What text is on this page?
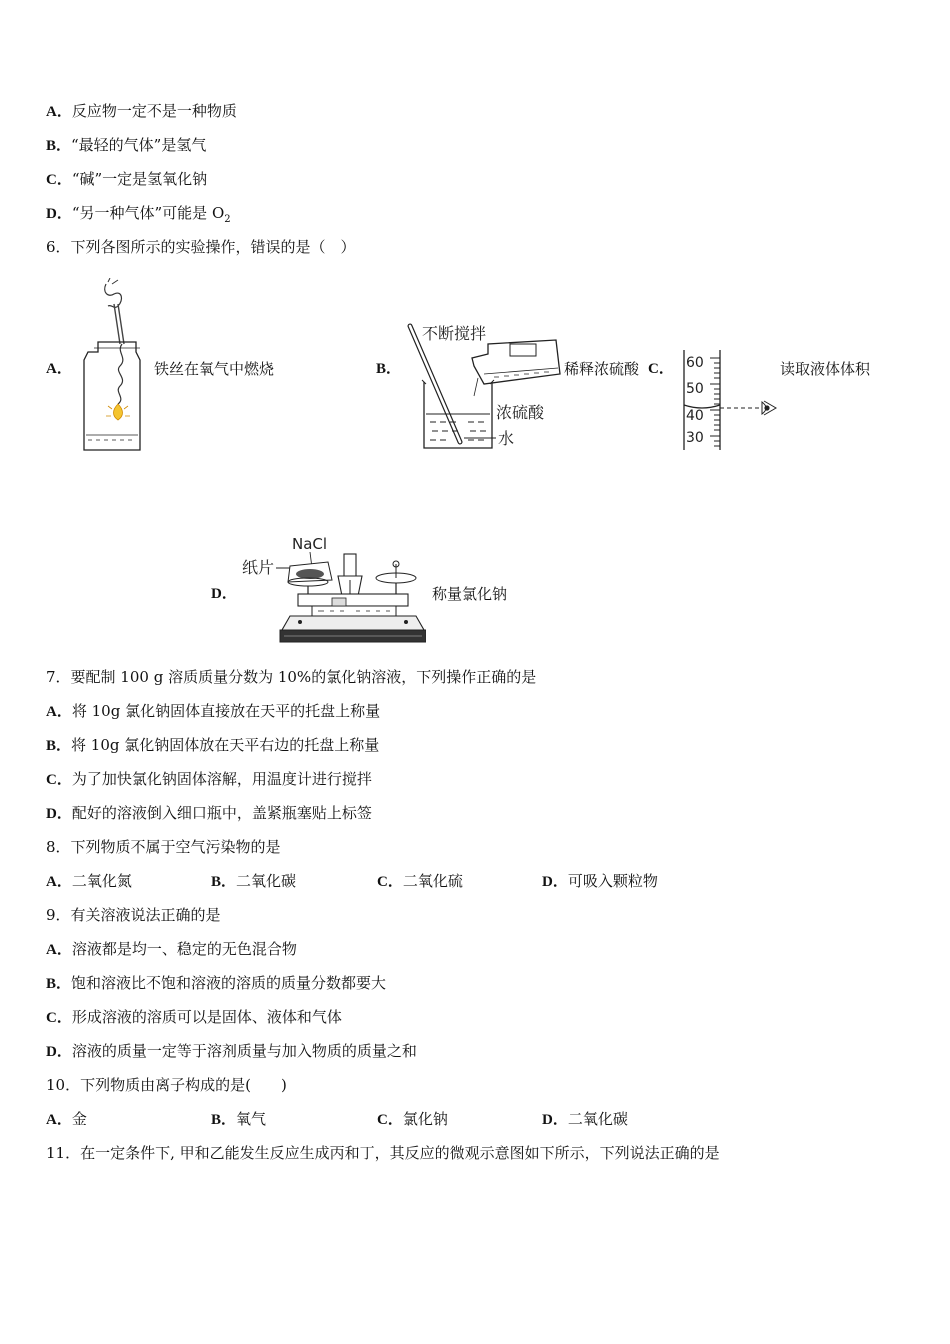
A．反应物一定不是一种物质
B．“最轻的气体”是氢气
C．“碱”一定是氢氧化钠
D．“另一种气体”可能是 $O_2$
6．下列各图所示的实验操作，错误的是（　）
A．	铁丝在氧气中燃烧	B．
不断搅拌
浓硫酸
水
稀释浓硫酸 C． 60
50
40
30
读取液体体积
D．
NaCl
纸片
称量氯化钠
7．要配制 100 g 溶质质量分数为 10%的氯化钠溶液，下列操作正确的是
A．将 10g 氯化钠固体直接放在天平的托盘上称量
B．将 10g 氯化钠固体放在天平右边的托盘上称量
C．为了加快氯化钠固体溶解，用温度计进行搅拌
D．配好的溶液倒入细口瓶中，盖紧瓶塞贴上标签
8．下列物质不属于空气污染物的是
A．二氧化氮	B．二氧化碳	C．二氧化硫	D．可吸入颗粒物
9．有关溶液说法正确的是
A．溶液都是均一、稳定的无色混合物
B．饱和溶液比不饱和溶液的溶质的质量分数都要大
C．形成溶液的溶质可以是固体、液体和气体
D．溶液的质量一定等于溶剂质量与加入物质的质量之和
10．下列物质由离子构成的是(　　)
A．金	B．氧气	C．氯化钠	D．二氧化碳
11．在一定条件下, 甲和乙能发生反应生成丙和丁，其反应的微观示意图如下所示，下列说法正确的是
